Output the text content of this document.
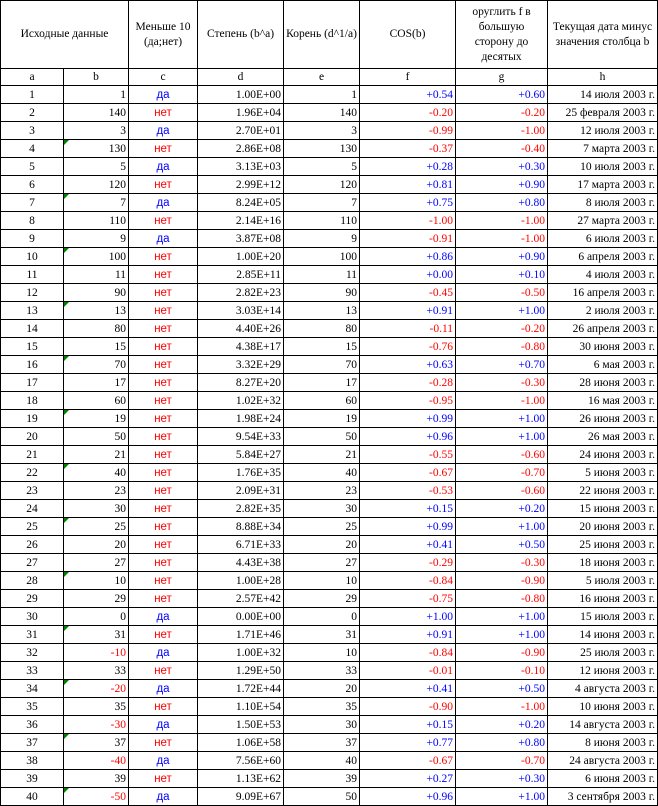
Исходные данные		Меньше 10 (да;нет)	Степень (b^a)	Корень (d^1/a)	COS(b)	оруглить f в большую сторону до десятых	Текущая дата минус значения столбца b
a	b	c	d	e	f	g	h
1	1	да	1.00E+00	1	+0.54	+0.60	14 июля 2003 г.
2	140	нет	1.96E+04	140	-0.20	-0.20	25 февраля 2003 г.
3	3	да	2.70E+01	3	-0.99	-1.00	12 июля 2003 г.
4	130	нет	2.86E+08	130	-0.37	-0.40	7 марта 2003 г.
5	5	да	3.13E+03	5	+0.28	+0.30	10 июля 2003 г.
6	120	нет	2.99E+12	120	+0.81	+0.90	17 марта 2003 г.
7	7	да	8.24E+05	7	+0.75	+0.80	8 июля 2003 г.
8	110	нет	2.14E+16	110	-1.00	-1.00	27 марта 2003 г.
9	9	да	3.87E+08	9	-0.91	-1.00	6 июля 2003 г.
10	100	нет	1.00E+20	100	+0.86	+0.90	6 апреля 2003 г.
11	11	нет	2.85E+11	11	+0.00	+0.10	4 июля 2003 г.
12	90	нет	2.82E+23	90	-0.45	-0.50	16 апреля 2003 г.
13	13	нет	3.03E+14	13	+0.91	+1.00	2 июля 2003 г.
14	80	нет	4.40E+26	80	-0.11	-0.20	26 апреля 2003 г.
15	15	нет	4.38E+17	15	-0.76	-0.80	30 июня 2003 г.
16	70	нет	3.32E+29	70	+0.63	+0.70	6 мая 2003 г.
17	17	нет	8.27E+20	17	-0.28	-0.30	28 июня 2003 г.
18	60	нет	1.02E+32	60	-0.95	-1.00	16 мая 2003 г.
19	19	нет	1.98E+24	19	+0.99	+1.00	26 июня 2003 г.
20	50	нет	9.54E+33	50	+0.96	+1.00	26 мая 2003 г.
21	21	нет	5.84E+27	21	-0.55	-0.60	24 июня 2003 г.
22	40	нет	1.76E+35	40	-0.67	-0.70	5 июня 2003 г.
23	23	нет	2.09E+31	23	-0.53	-0.60	22 июня 2003 г.
24	30	нет	2.82E+35	30	+0.15	+0.20	15 июня 2003 г.
25	25	нет	8.88E+34	25	+0.99	+1.00	20 июня 2003 г.
26	20	нет	6.71E+33	20	+0.41	+0.50	25 июня 2003 г.
27	27	нет	4.43E+38	27	-0.29	-0.30	18 июня 2003 г.
28	10	нет	1.00E+28	10	-0.84	-0.90	5 июля 2003 г.
29	29	нет	2.57E+42	29	-0.75	-0.80	16 июня 2003 г.
30	0	да	0.00E+00	0	+1.00	+1.00	15 июля 2003 г.
31	31	нет	1.71E+46	31	+0.91	+1.00	14 июня 2003 г.
32	-10	да	1.00E+32	10	-0.84	-0.90	25 июля 2003 г.
33	33	нет	1.29E+50	33	-0.01	-0.10	12 июня 2003 г.
34	-20	да	1.72E+44	20	+0.41	+0.50	4 августа 2003 г.
35	35	нет	1.10E+54	35	-0.90	-1.00	10 июня 2003 г.
36	-30	да	1.50E+53	30	+0.15	+0.20	14 августа 2003 г.
37	37	нет	1.06E+58	37	+0.77	+0.80	8 июня 2003 г.
38	-40	да	7.56E+60	40	-0.67	-0.70	24 августа 2003 г.
39	39	нет	1.13E+62	39	+0.27	+0.30	6 июня 2003 г.
40	-50	да	9.09E+67	50	+0.96	+1.00	3 сентября 2003 г.
